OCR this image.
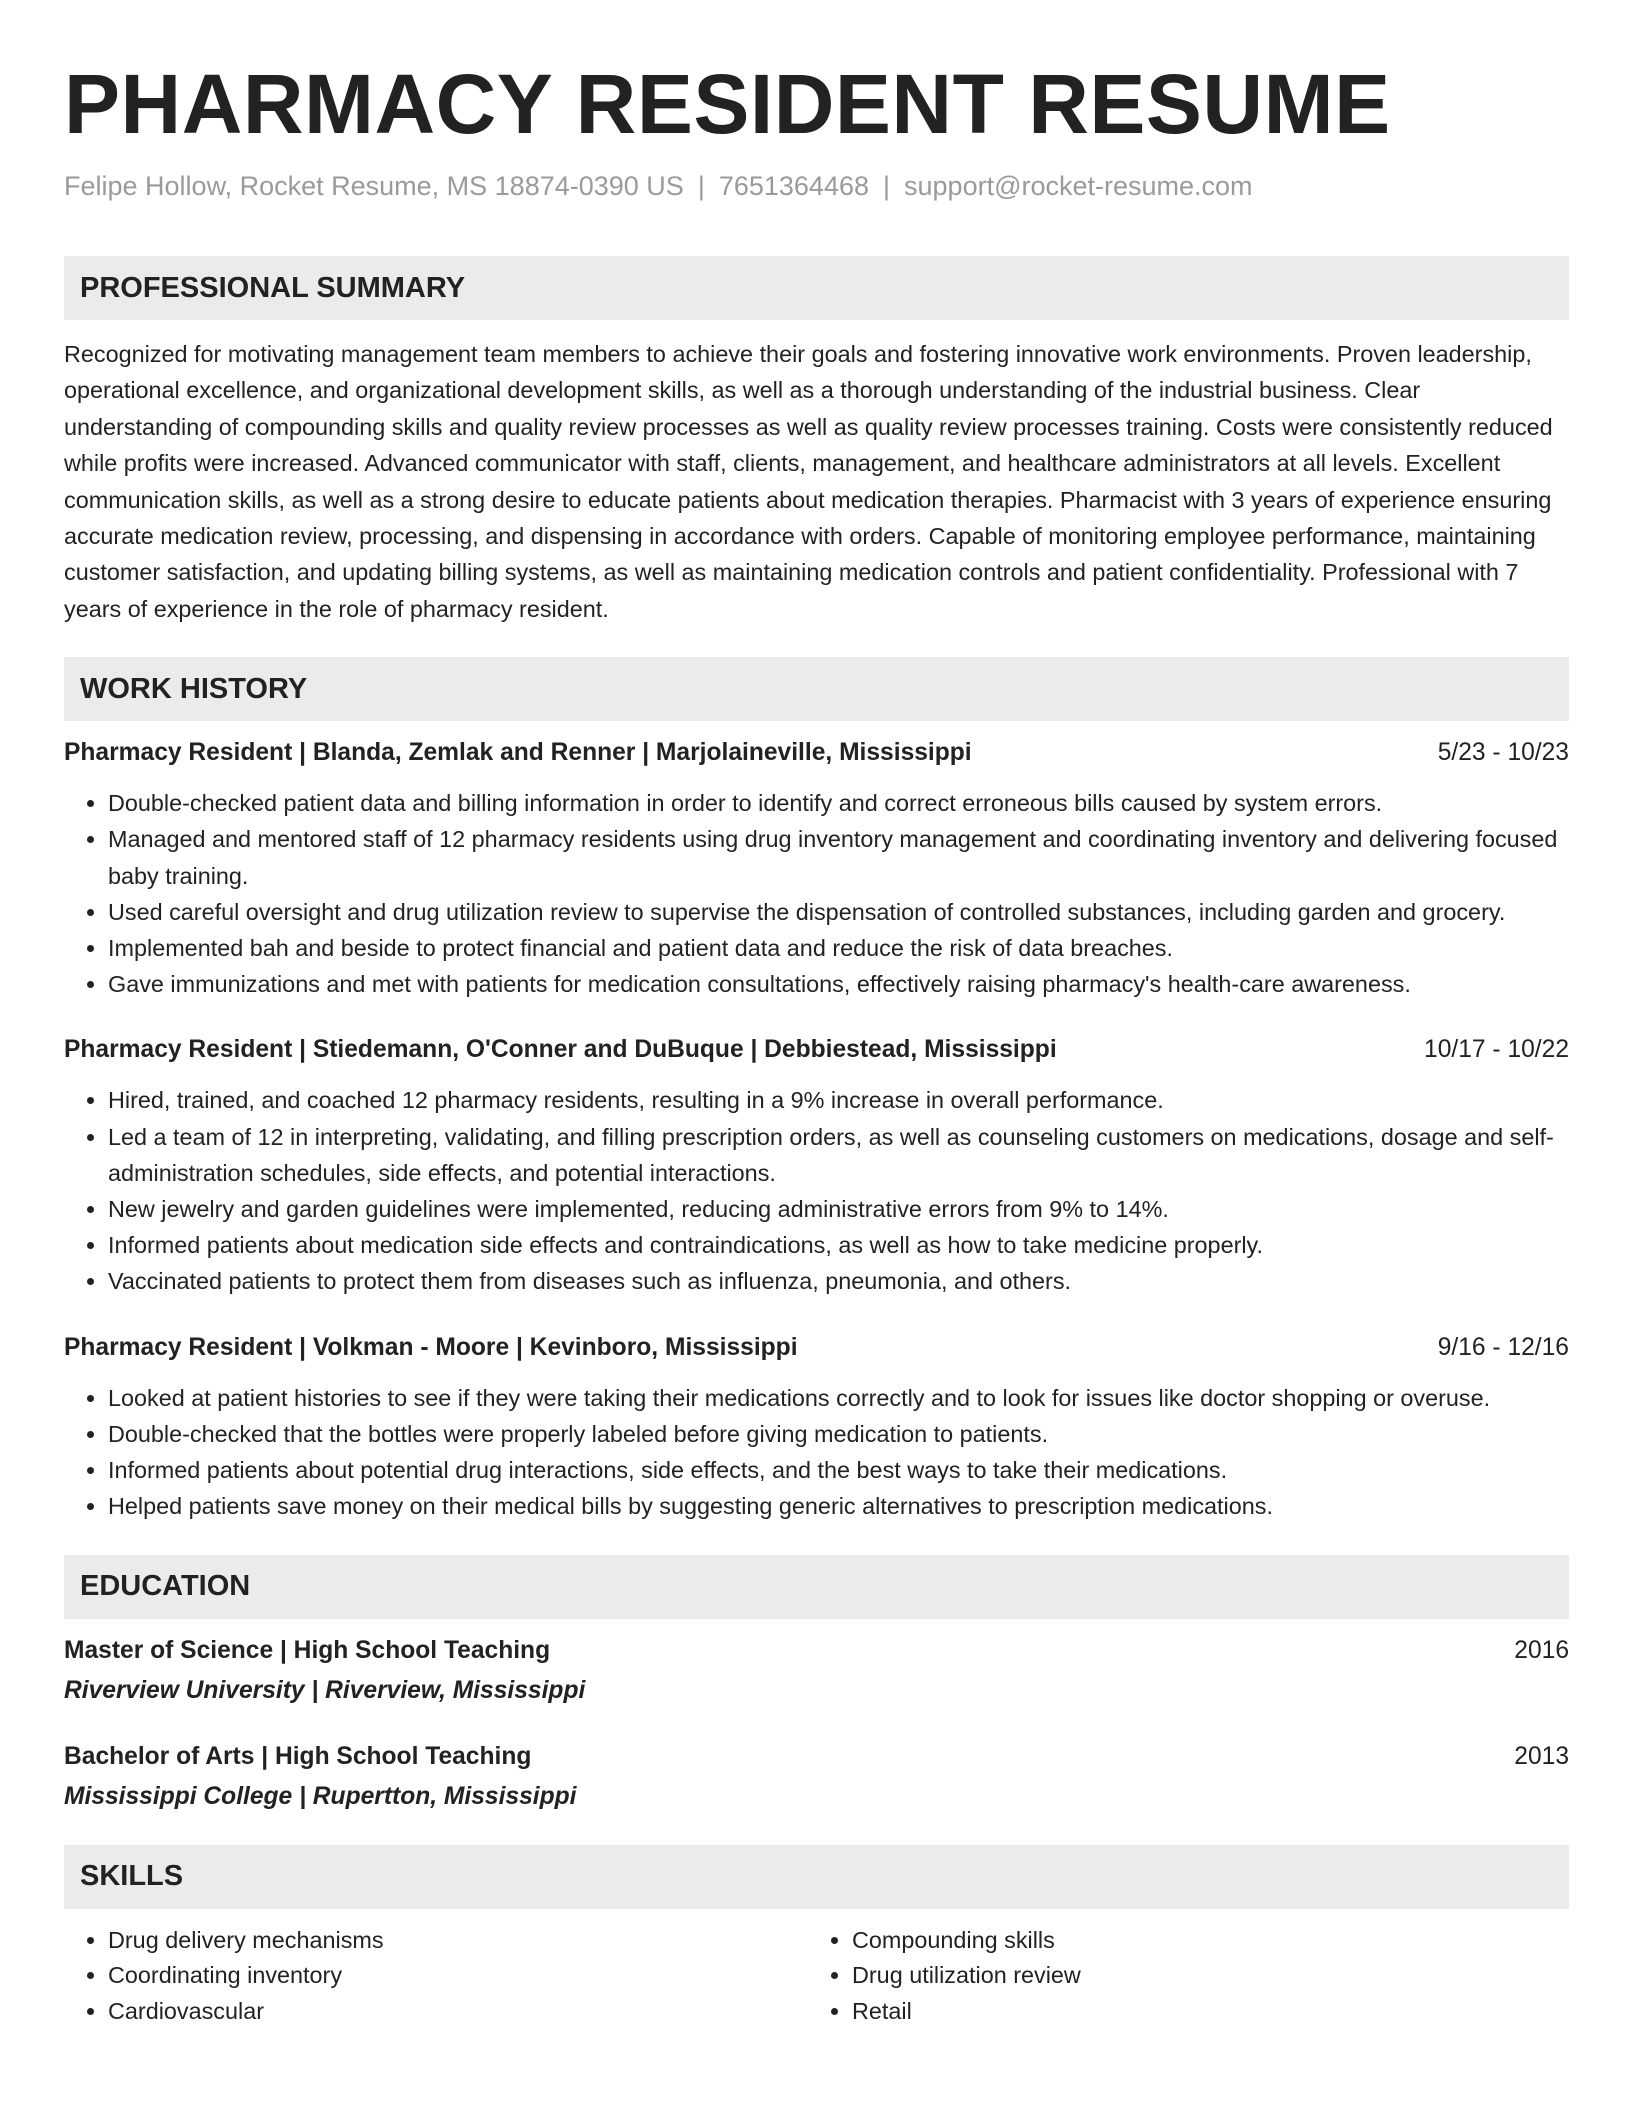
PHARMACY RESIDENT RESUME
Felipe Hollow, Rocket Resume, MS 18874-0390 US | 7651364468 | support@rocket-resume.com
PROFESSIONAL SUMMARY

Recognized for motivating management team members to achieve their goals and fostering innovative work environments. Proven leadership, operational excellence, and organizational development skills, as well as a thorough understanding of the industrial business. Clear understanding of compounding skills and quality review processes as well as quality review processes training. Costs were consistently reduced while profits were increased. Advanced communicator with staff, clients, management, and healthcare administrators at all levels. Excellent communication skills, as well as a strong desire to educate patients about medication therapies. Pharmacist with 3 years of experience ensuring accurate medication review, processing, and dispensing in accordance with orders. Capable of monitoring employee performance, maintaining customer satisfaction, and updating billing systems, as well as maintaining medication controls and patient confidentiality. Professional with 7 years of experience in the role of pharmacy resident.

WORK HISTORY
Pharmacy Resident | Blanda, Zemlak and Renner | Marjolaineville, Mississippi	5/23 - 10/23
• Double-checked patient data and billing information in order to identify and correct erroneous bills caused by system errors.
• Managed and mentored staff of 12 pharmacy residents using drug inventory management and coordinating inventory and delivering focused baby training.
• Used careful oversight and drug utilization review to supervise the dispensation of controlled substances, including garden and grocery.
• Implemented bah and beside to protect financial and patient data and reduce the risk of data breaches.
• Gave immunizations and met with patients for medication consultations, effectively raising pharmacy's health-care awareness.
Pharmacy Resident | Stiedemann, O'Conner and DuBuque | Debbiestead, Mississippi	10/17 - 10/22
• Hired, trained, and coached 12 pharmacy residents, resulting in a 9% increase in overall performance.
• Led a team of 12 in interpreting, validating, and filling prescription orders, as well as counseling customers on medications, dosage and self-administration schedules, side effects, and potential interactions.
• New jewelry and garden guidelines were implemented, reducing administrative errors from 9% to 14%.
• Informed patients about medication side effects and contraindications, as well as how to take medicine properly.
• Vaccinated patients to protect them from diseases such as influenza, pneumonia, and others.
Pharmacy Resident | Volkman - Moore | Kevinboro, Mississippi	9/16 - 12/16
• Looked at patient histories to see if they were taking their medications correctly and to look for issues like doctor shopping or overuse.
• Double-checked that the bottles were properly labeled before giving medication to patients.
• Informed patients about potential drug interactions, side effects, and the best ways to take their medications.
• Helped patients save money on their medical bills by suggesting generic alternatives to prescription medications.
EDUCATION
Master of Science | High School Teaching	2016
Riverview University | Riverview, Mississippi
Bachelor of Arts | High School Teaching	2013
Mississippi College | Rupertton, Mississippi
SKILLS
• Drug delivery mechanisms
• Coordinating inventory
• Cardiovascular
• Compounding skills
• Drug utilization review
• Retail
